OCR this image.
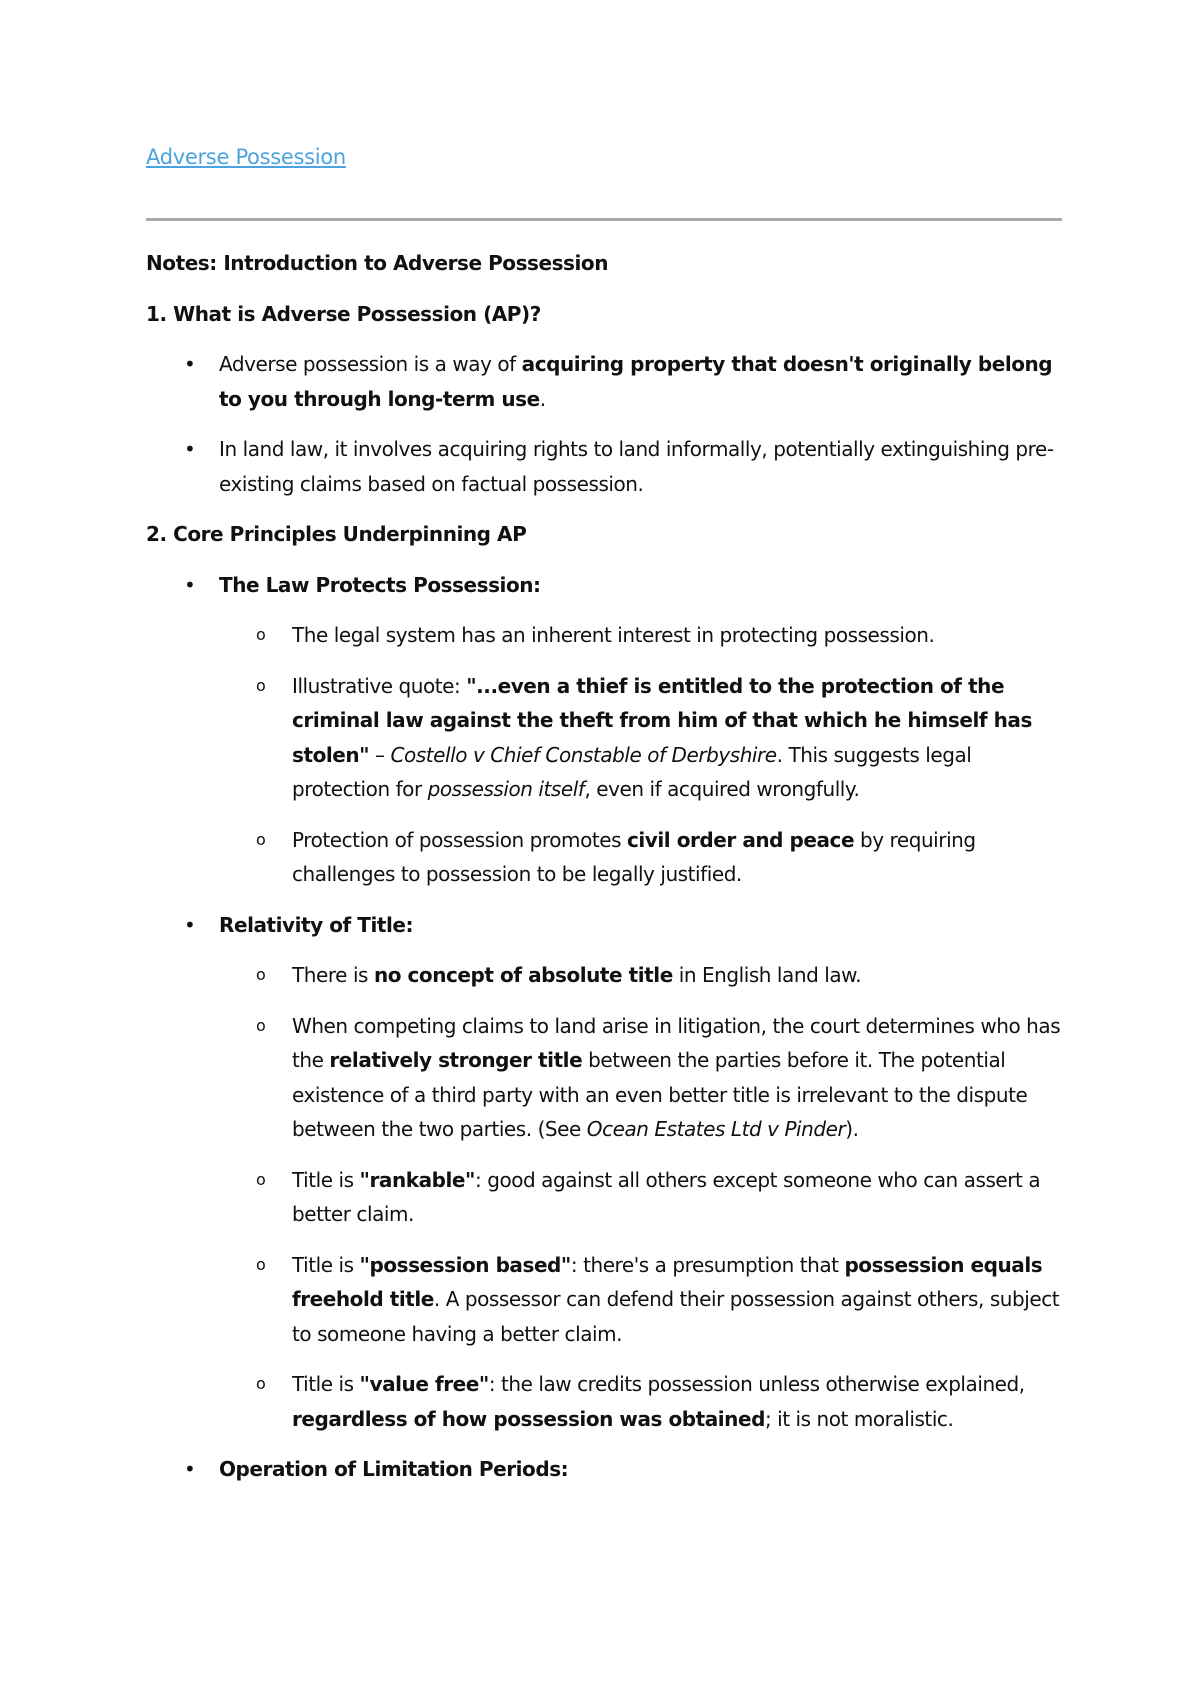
Adverse Possession
Notes: Introduction to Adverse Possession
1. What is Adverse Possession (AP)?
• Adverse possession is a way of acquiring property that doesn't originally belong to you through long-term use.
• In land law, it involves acquiring rights to land informally, potentially extinguishing pre-existing claims based on factual possession.
2. Core Principles Underpinning AP
• The Law Protects Possession:
o The legal system has an inherent interest in protecting possession.
o Illustrative quote: "...even a thief is entitled to the protection of the criminal law against the theft from him of that which he himself has stolen" – Costello v Chief Constable of Derbyshire. This suggests legal protection for possession itself, even if acquired wrongfully.
o Protection of possession promotes civil order and peace by requiring challenges to possession to be legally justified.
• Relativity of Title:
o There is no concept of absolute title in English land law.
o When competing claims to land arise in litigation, the court determines who has the relatively stronger title between the parties before it. The potential existence of a third party with an even better title is irrelevant to the dispute between the two parties. (See Ocean Estates Ltd v Pinder).
o Title is "rankable": good against all others except someone who can assert a better claim.
o Title is "possession based": there's a presumption that possession equals freehold title. A possessor can defend their possession against others, subject to someone having a better claim.
o Title is "value free": the law credits possession unless otherwise explained, regardless of how possession was obtained; it is not moralistic.
• Operation of Limitation Periods:
